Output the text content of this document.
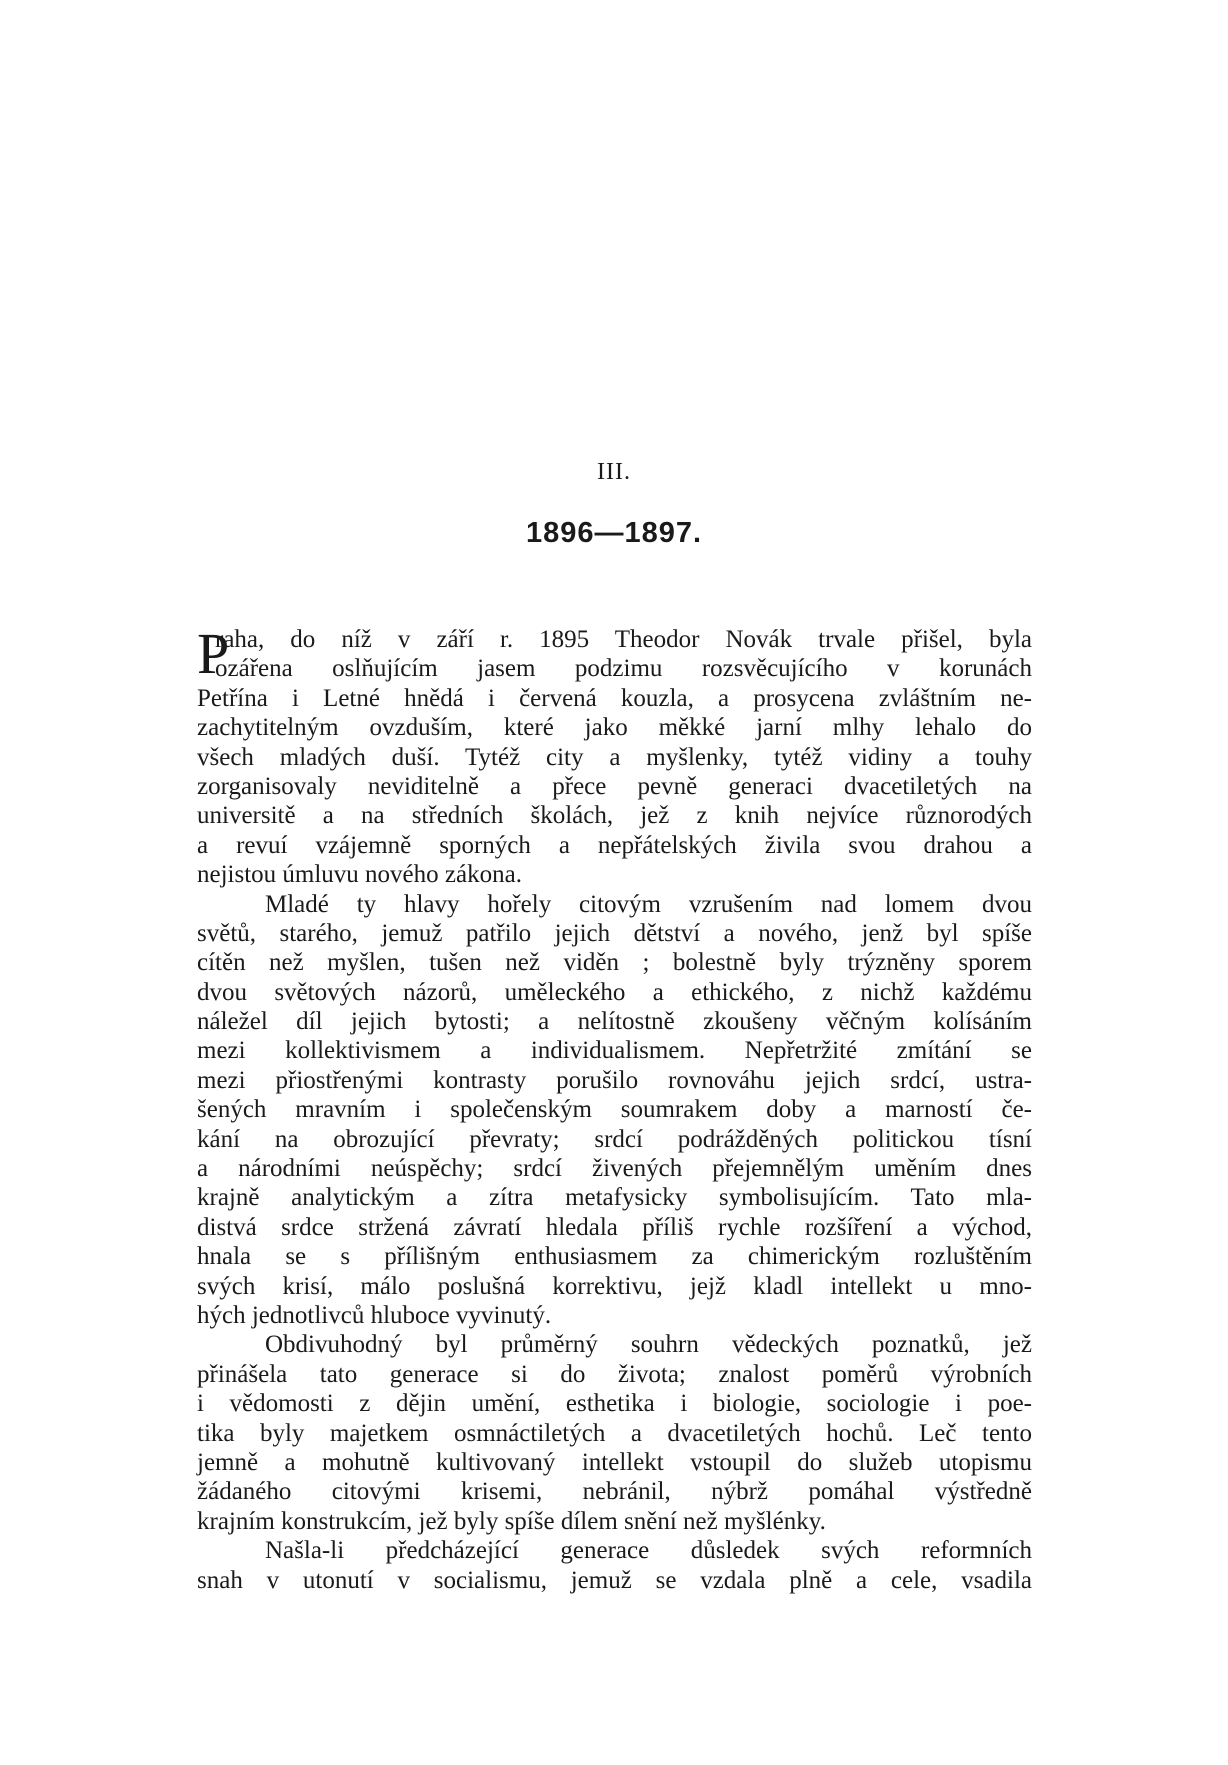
III.
1896—1897.
P
raha, do níž v září r. 1895 Theodor Novák trvale přišel, byla
ozářena oslňujícím jasem podzimu rozsvěcujícího v korunách
Petřína i Letné hnědá i červená kouzla, a prosycena zvláštním ne-
zachytitelným ovzduším, které jako měkké jarní mlhy lehalo do
všech mladých duší. Tytéž city a myšlenky, tytéž vidiny a touhy
zorganisovaly neviditelně a přece pevně generaci dvacetiletých na
universitě a na středních školách, jež z knih nejvíce různorodých
a revuí vzájemně sporných a nepřátelských živila svou drahou a
nejistou úmluvu nového zákona.
Mladé ty hlavy hořely citovým vzrušením nad lomem dvou
světů, starého, jemuž patřilo jejich dětství a nového, jenž byl spíše
cítěn než myšlen, tušen než viděn ; bolestně byly trýzněny sporem
dvou světových názorů, uměleckého a ethického, z nichž každému
náležel díl jejich bytosti; a nelítostně zkoušeny věčným kolísáním
mezi kollektivismem a individualismem. Nepřetržité zmítání se
mezi přiostřenými kontrasty porušilo rovnováhu jejich srdcí, ustra-
šených mravním i společenským soumrakem doby a marností če-
kání na obrozující převraty; srdcí podrážděných politickou tísní
a národními neúspěchy; srdcí živených přejemnělým uměním dnes
krajně analytickým a zítra metafysicky symbolisujícím. Tato mla-
distvá srdce stržená závratí hledala příliš rychle rozšíření a východ,
hnala se s přílišným enthusiasmem za chimerickým rozluštěním
svých krisí, málo poslušná korrektivu, jejž kladl intellekt u mno-
hých jednotlivců hluboce vyvinutý.
Obdivuhodný byl průměrný souhrn vědeckých poznatků, jež
přinášela tato generace si do života; znalost poměrů výrobních
i vědomosti z dějin umění, esthetika i biologie, sociologie i poe-
tika byly majetkem osmnáctiletých a dvacetiletých hochů. Leč tento
jemně a mohutně kultivovaný intellekt vstoupil do služeb utopismu
žádaného citovými krisemi, nebránil, nýbrž pomáhal výstředně
krajním konstrukcím, jež byly spíše dílem snění než myšlénky.
Našla-li předcházející generace důsledek svých reformních
snah v utonutí v socialismu, jemuž se vzdala plně a cele, vsadila
